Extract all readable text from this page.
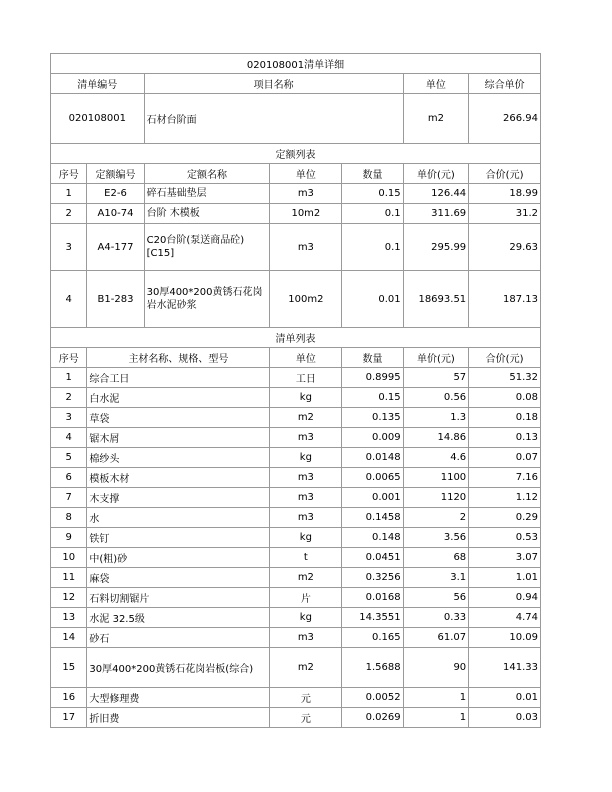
020108001清单详细						
清单编号		项目名称			单位	综合单价
020108001		石材台阶面			m2	266.94
定额列表						
序号	定额编号	定额名称	单位	数量	单价(元)	合价(元)
1	E2-6	碎石基础垫层	m3	0.15	126.44	18.99
2	A10-74	台阶 木模板	10m2	0.1	311.69	31.2
3	A4-177	C20台阶(泵送商品砼)[C15]	m3	0.1	295.99	29.63
4	B1-283	30厚400*200黄锈石花岗岩水泥砂浆	100m2	0.01	18693.51	187.13
清单列表						
序号	主材名称、规格、型号		单位	数量	单价(元)	合价(元)
1	综合工日		工日	0.8995	57	51.32
2	白水泥		kg	0.15	0.56	0.08
3	草袋		m2	0.135	1.3	0.18
4	锯木屑		m3	0.009	14.86	0.13
5	棉纱头		kg	0.0148	4.6	0.07
6	模板木材		m3	0.0065	1100	7.16
7	木支撑		m3	0.001	1120	1.12
8	水		m3	0.1458	2	0.29
9	铁钉		kg	0.148	3.56	0.53
10	中(粗)砂		t	0.0451	68	3.07
11	麻袋		m2	0.3256	3.1	1.01
12	石料切割锯片		片	0.0168	56	0.94
13	水泥 32.5级		kg	14.3551	0.33	4.74
14	砂石		m3	0.165	61.07	10.09
15	30厚400*200黄锈石花岗岩板(综合)		m2	1.5688	90	141.33
16	大型修理费		元	0.0052	1	0.01
17	折旧费		元	0.0269	1	0.03
